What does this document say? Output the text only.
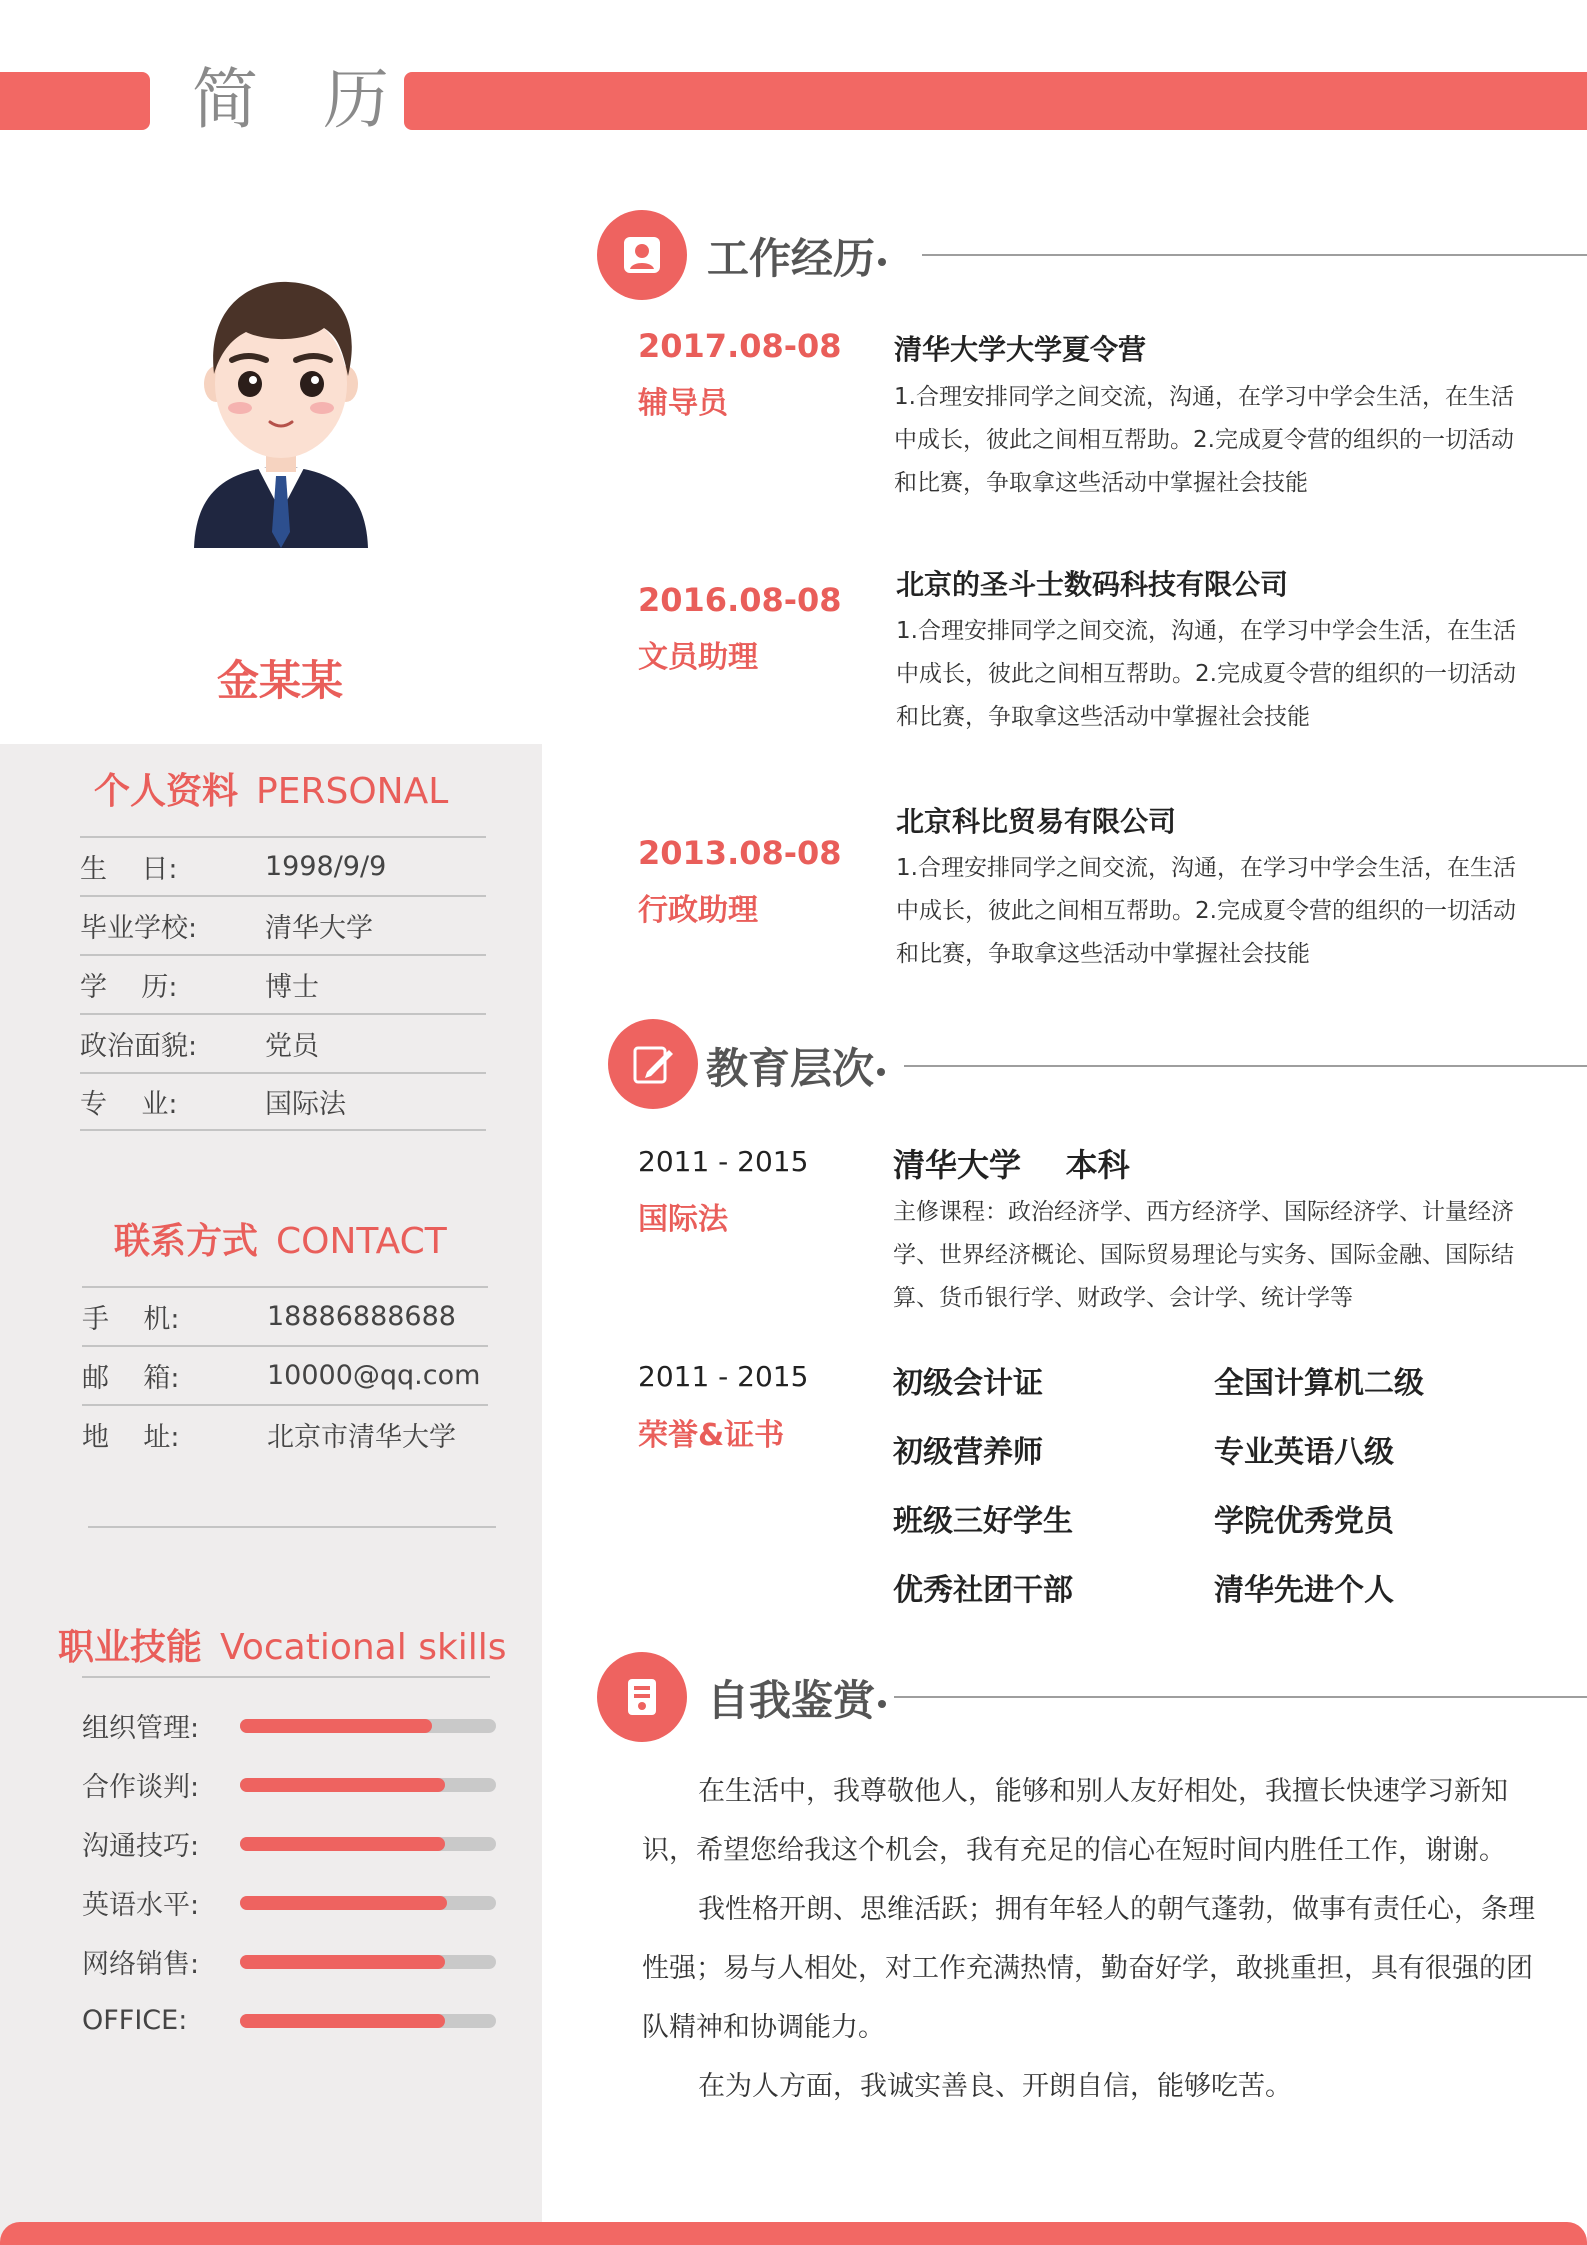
简 历
金某某
个人资料 PERSONAL
生    日:	1998/9/9
毕业学校:	清华大学
学    历:	博士
政治面貌:	党员
专    业:	国际法
联系方式 CONTACT
手    机:	18886888688
邮    箱:	10000@qq.com
地    址:	北京市清华大学
职业技能 Vocational skills
组织管理:
合作谈判:
沟通技巧:
英语水平:
网络销售:
OFFICE:
工作经历
2017.08-08
辅导员
清华大学大学夏令营
1.合理安排同学之间交流，沟通，在学习中学会生活，在生活中成长，彼此之间相互帮助。2.完成夏令营的组织的一切活动和比赛，争取拿这些活动中掌握社会技能
2016.08-08
文员助理
北京的圣斗士数码科技有限公司
1.合理安排同学之间交流，沟通，在学习中学会生活，在生活中成长，彼此之间相互帮助。2.完成夏令营的组织的一切活动和比赛，争取拿这些活动中掌握社会技能
2013.08-08
行政助理
北京科比贸易有限公司
1.合理安排同学之间交流，沟通，在学习中学会生活，在生活中成长，彼此之间相互帮助。2.完成夏令营的组织的一切活动和比赛，争取拿这些活动中掌握社会技能
教育层次
2011 - 2015
国际法
清华大学    本科
主修课程：政治经济学、西方经济学、国际经济学、计量经济学、世界经济概论、国际贸易理论与实务、国际金融、国际结算、货币银行学、财政学、会计学、统计学等
2011 - 2015
荣誉&证书
初级会计证	全国计算机二级
初级营养师	专业英语八级
班级三好学生	学院优秀党员
优秀社团干部	清华先进个人
自我鉴赏

在生活中，我尊敬他人，能够和别人友好相处，我擅长快速学习新知识，希望您给我这个机会，我有充足的信心在短时间内胜任工作，谢谢。

我性格开朗、思维活跃；拥有年轻人的朝气蓬勃，做事有责任心，条理性强；易与人相处，对工作充满热情，勤奋好学，敢挑重担，具有很强的团队精神和协调能力。

在为人方面，我诚实善良、开朗自信，能够吃苦。
